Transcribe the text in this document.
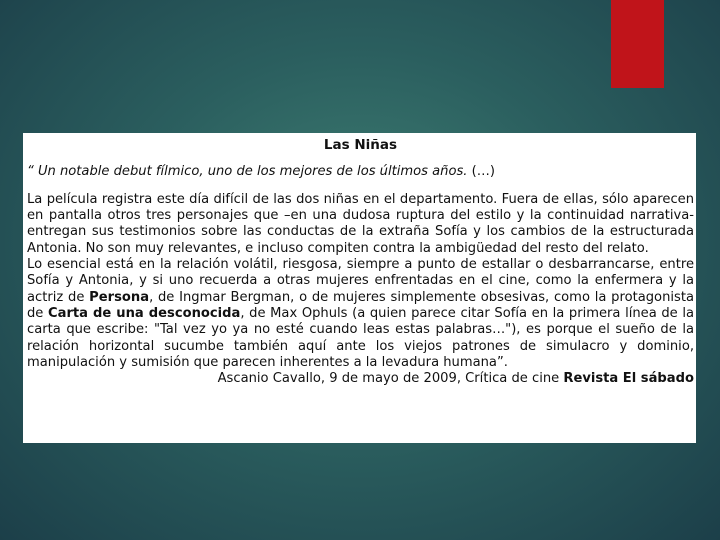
Las Niñas
“ Un notable debut fílmico, uno de los mejores de los últimos años. (…)

La película registra este día difícil de las dos niñas en el departamento. Fuera de ellas, sólo aparecen en pantalla otros tres personajes que –en una dudosa ruptura del estilo y la continuidad narrativa- entregan sus testimonios sobre las conductas de la extraña Sofía y los cambios de la estructurada Antonia. No son muy relevantes, e incluso compiten contra la ambigüedad del resto del relato.

Lo esencial está en la relación volátil, riesgosa, siempre a punto de estallar o desbarrancarse, entre Sofía y Antonia, y si uno recuerda a otras mujeres enfrentadas en el cine, como la enfermera y la actriz de Persona, de Ingmar Bergman, o de mujeres simplemente obsesivas, como la protagonista de Carta de una desconocida, de Max Ophuls (a quien parece citar Sofía en la primera línea de la carta que escribe: "Tal vez yo ya no esté cuando leas estas palabras…"), es porque el sueño de la relación horizontal sucumbe también aquí ante los viejos patrones de simulacro y dominio, manipulación y sumisión que parecen inherentes a la levadura humana”.

Ascanio Cavallo, 9 de mayo de 2009, Crítica de cine Revista El sábado
